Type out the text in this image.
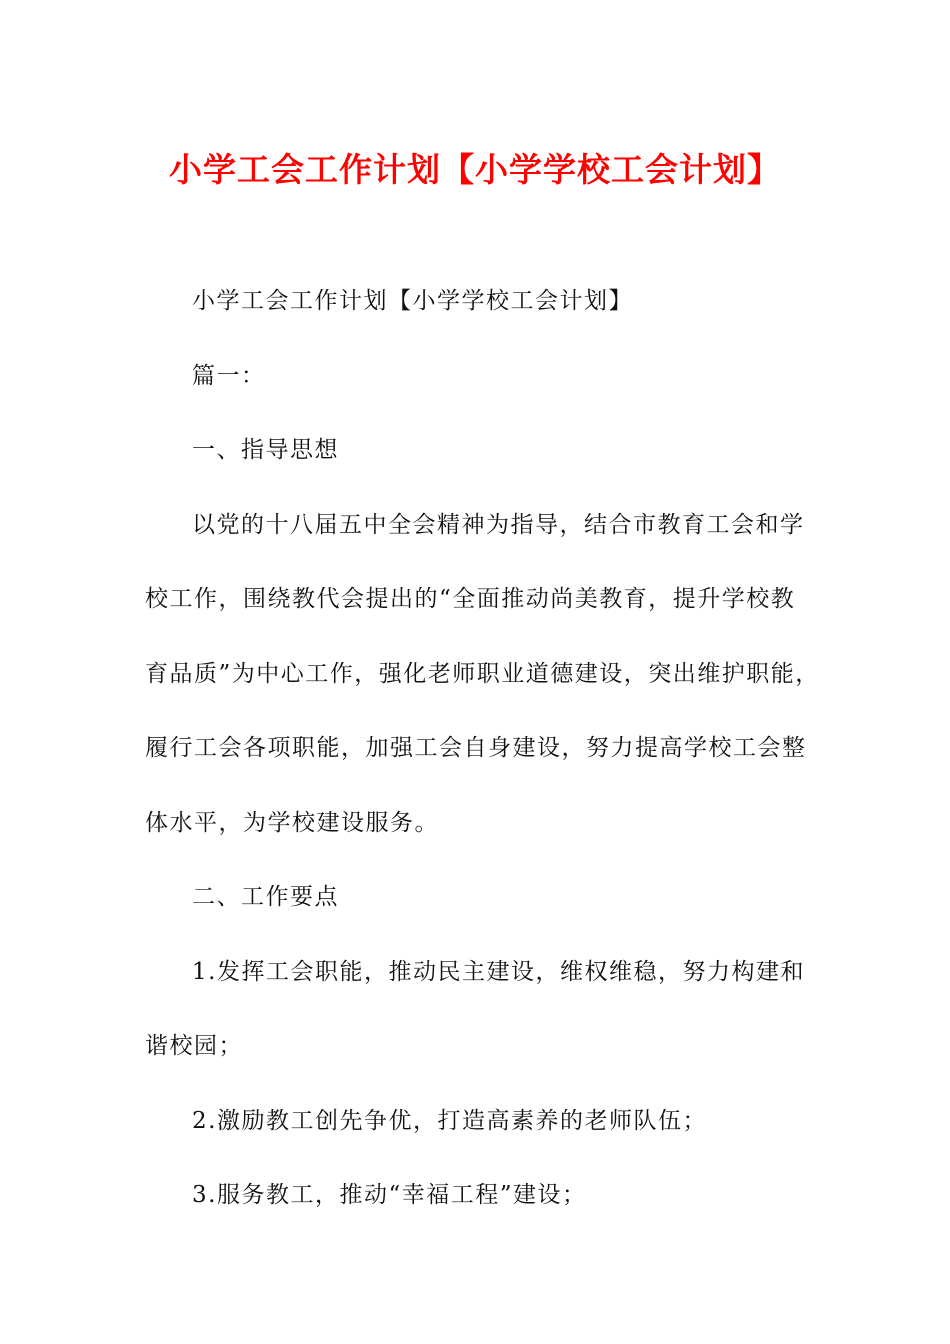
小学工会工作计划【小学学校工会计划】
小学工会工作计划【小学学校工会计划】
篇一：
一、指导思想
以党的十八届五中全会精神为指导，结合市教育工会和学
校工作，围绕教代会提出的“全面推动尚美教育，提升学校教
育品质”为中心工作，强化老师职业道德建设，突出维护职能，
履行工会各项职能，加强工会自身建设，努力提高学校工会整
体水平，为学校建设服务。
二、工作要点
1.发挥工会职能，推动民主建设，维权维稳，努力构建和
谐校园；
2.激励教工创先争优，打造高素养的老师队伍；
3.服务教工，推动“幸福工程”建设；
